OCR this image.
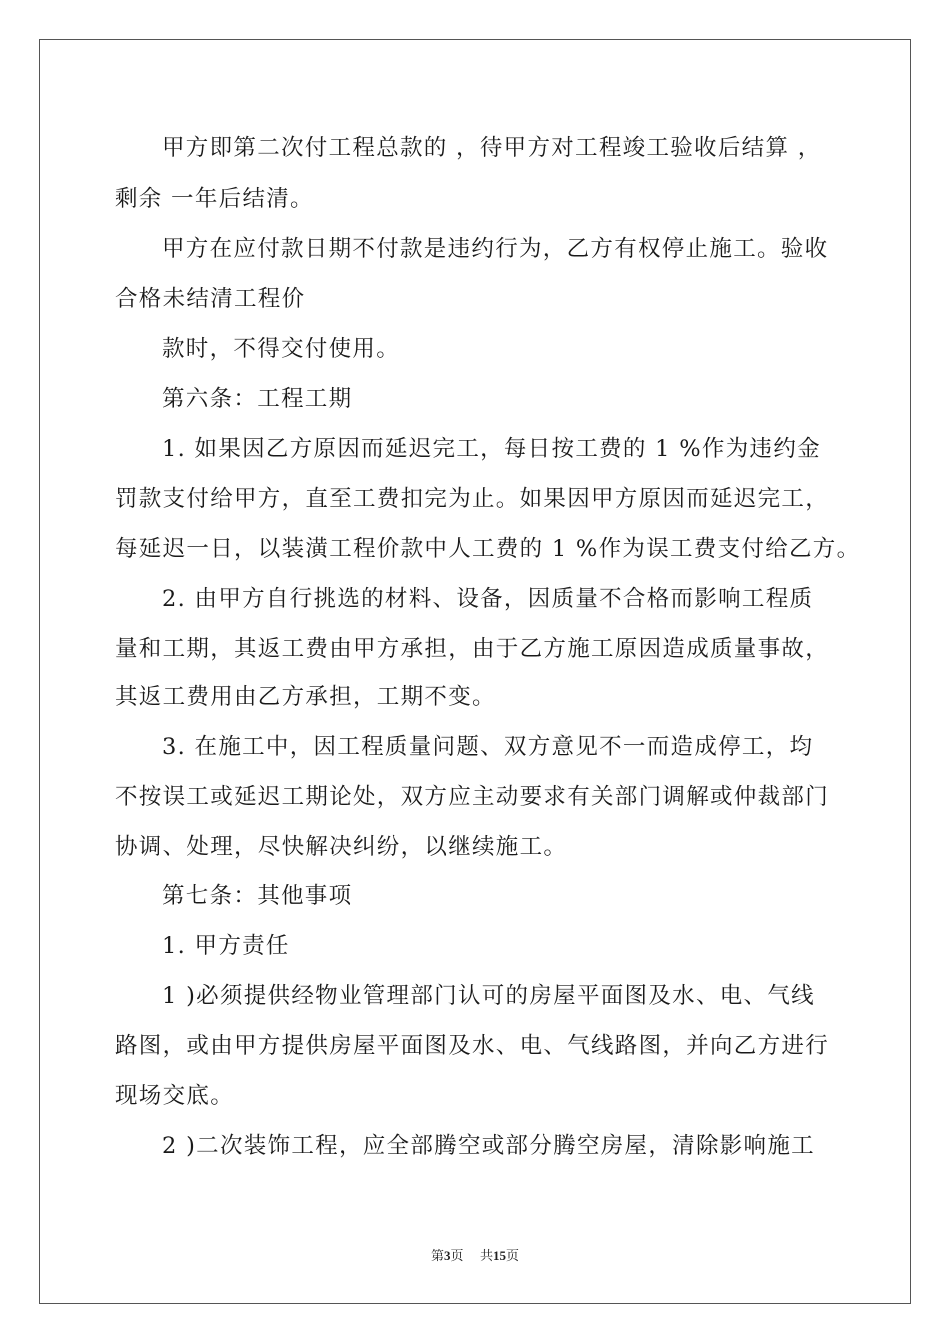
甲方即第二次付工程总款的 ，待甲方对工程竣工验收后结算 ，
剩余 一年后结清。
甲方在应付款日期不付款是违约行为，乙方有权停止施工。验收
合格未结清工程价
款时，不得交付使用。
第六条：工程工期
1. 如果因乙方原因而延迟完工，每日按工费的 1 %作为违约金
罚款支付给甲方，直至工费扣完为止。如果因甲方原因而延迟完工，
每延迟一日，以装潢工程价款中人工费的 1 %作为误工费支付给乙方。
2. 由甲方自行挑选的材料、设备，因质量不合格而影响工程质
量和工期，其返工费由甲方承担，由于乙方施工原因造成质量事故，
其返工费用由乙方承担，工期不变。
3. 在施工中，因工程质量问题、双方意见不一而造成停工，均
不按误工或延迟工期论处，双方应主动要求有关部门调解或仲裁部门
协调、处理，尽快解决纠纷，以继续施工。
第七条：其他事项
1. 甲方责任
1 )必须提供经物业管理部门认可的房屋平面图及水、电、气线
路图，或由甲方提供房屋平面图及水、电、气线路图，并向乙方进行
现场交底。
2 )二次装饰工程，应全部腾空或部分腾空房屋，清除影响施工
第3页    共15页
